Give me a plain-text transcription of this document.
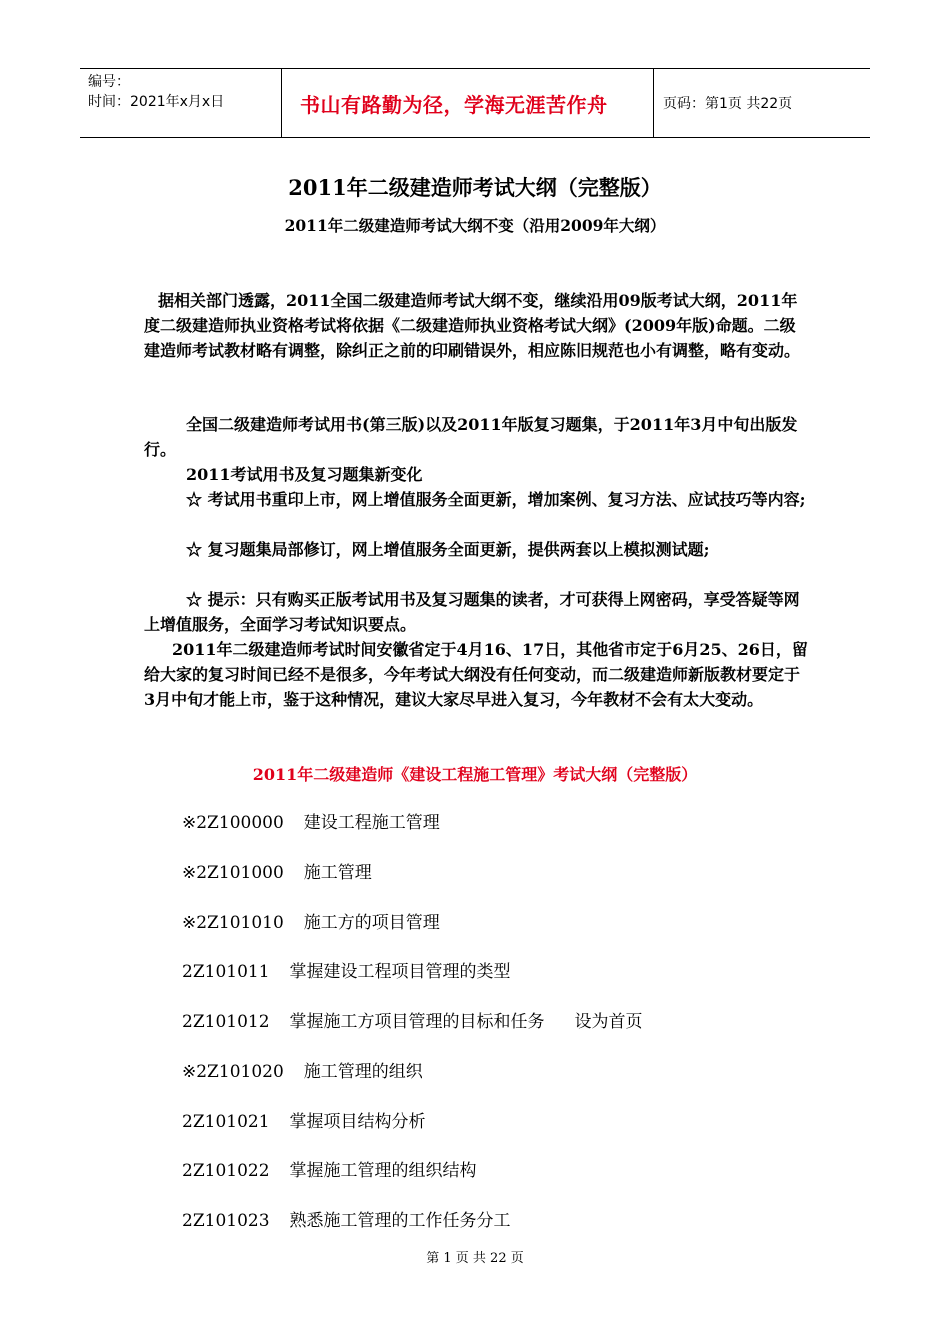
编号：
时间：2021年x月x日	书山有路勤为径，学海无涯苦作舟	页码：第1页 共22页
2011年二级建造师考试大纲（完整版）
2011年二级建造师考试大纲不变（沿用2009年大纲）

据相关部门透露，2011全国二级建造师考试大纲不变，继续沿用09版考试大纲，2011年度二级建造师执业资格考试将依据《二级建造师执业资格考试大纲》(2009年版)命题。二级建造师考试教材略有调整，除纠正之前的印刷错误外，相应陈旧规范也小有调整，略有变动。

全国二级建造师考试用书(第三版)以及2011年版复习题集，于2011年3月中旬出版发行。

2011考试用书及复习题集新变化

☆ 考试用书重印上市，网上增值服务全面更新，增加案例、复习方法、应试技巧等内容;

☆ 复习题集局部修订，网上增值服务全面更新，提供两套以上模拟测试题;

☆ 提示：只有购买正版考试用书及复习题集的读者，才可获得上网密码，享受答疑等网上增值服务，全面学习考试知识要点。

2011年二级建造师考试时间安徽省定于4月16、17日，其他省市定于6月25、26日，留给大家的复习时间已经不是很多，今年考试大纲没有任何变动，而二级建造师新版教材要定于3月中旬才能上市，鉴于这种情况，建议大家尽早进入复习，今年教材不会有太大变动。

2011年二级建造师《建设工程施工管理》考试大纲（完整版）
※2Z100000 建设工程施工管理
※2Z101000 施工管理
※2Z101010 施工方的项目管理
2Z101011 掌握建设工程项目管理的类型
2Z101012 掌握施工方项目管理的目标和任务 设为首页
※2Z101020 施工管理的组织
2Z101021 掌握项目结构分析
2Z101022 掌握施工管理的组织结构
2Z101023 熟悉施工管理的工作任务分工
第 1 页 共 22 页
